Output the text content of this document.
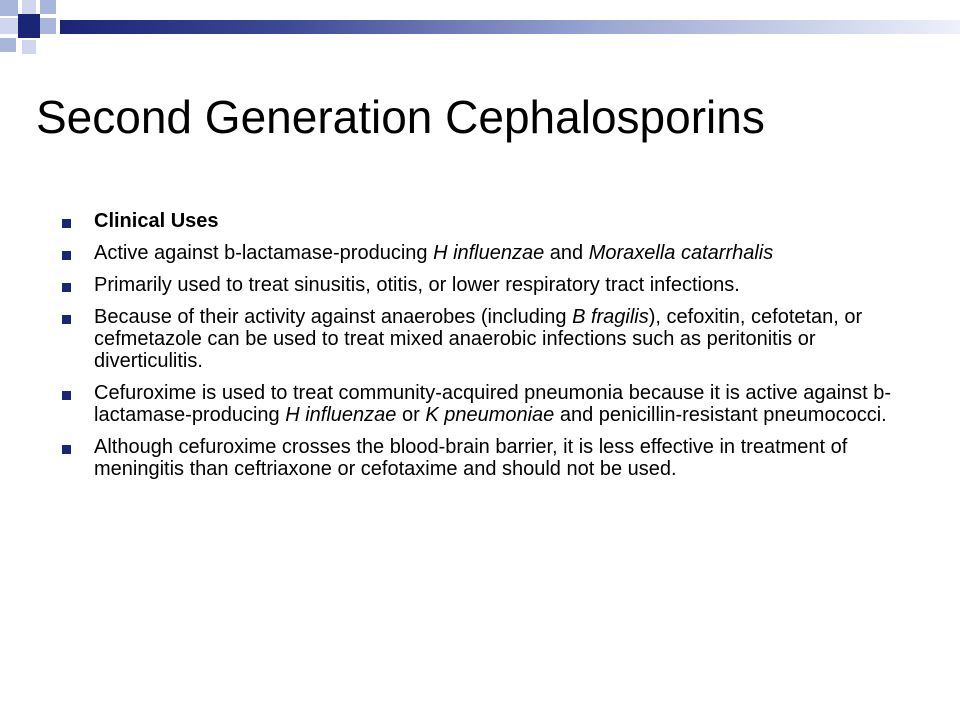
Second Generation Cephalosporins
Clinical Uses
Active against b-lactamase-producing H influenzae and Moraxella catarrhalis
Primarily used to treat sinusitis, otitis, or lower respiratory tract infections.
Because of their activity against anaerobes (including B fragilis), cefoxitin, cefotetan, or cefmetazole can be used to treat mixed anaerobic infections such as peritonitis or diverticulitis.
Cefuroxime is used to treat community-acquired pneumonia because it is active against b-lactamase-producing H influenzae or K pneumoniae and penicillin-resistant pneumococci.
Although cefuroxime crosses the blood-brain barrier, it is less effective in treatment of meningitis than ceftriaxone or cefotaxime and should not be used.
